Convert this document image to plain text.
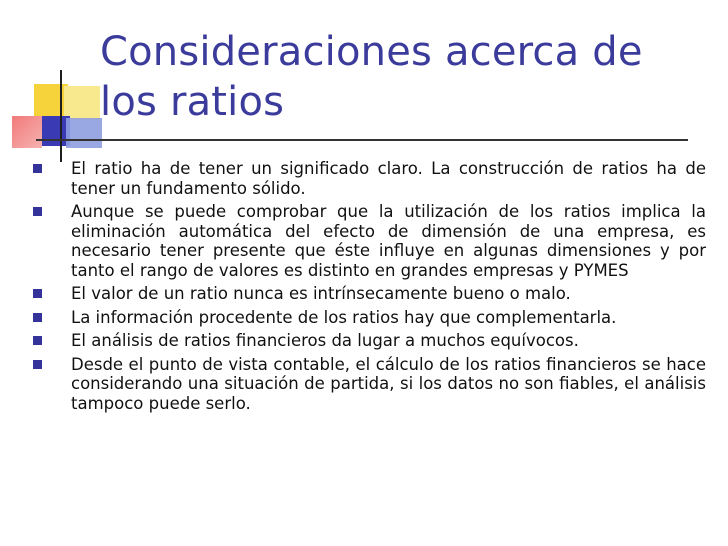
Consideraciones acerca de los ratios
El ratio ha de tener un significado claro. La construcción de ratios ha de tener un fundamento sólido.
Aunque se puede comprobar que la utilización de los ratios implica la eliminación automática del efecto de dimensión de una empresa, es necesario tener presente que éste influye en algunas dimensiones y por tanto el rango de valores es distinto en grandes empresas y PYMES
El valor de un ratio nunca es intrínsecamente bueno o malo.
La información procedente de los ratios hay que complementarla.
El análisis de ratios financieros da lugar a muchos equívocos.
Desde el punto de vista contable, el cálculo de los ratios financieros se hace considerando una situación de partida, si los datos no son fiables, el análisis tampoco puede serlo.
